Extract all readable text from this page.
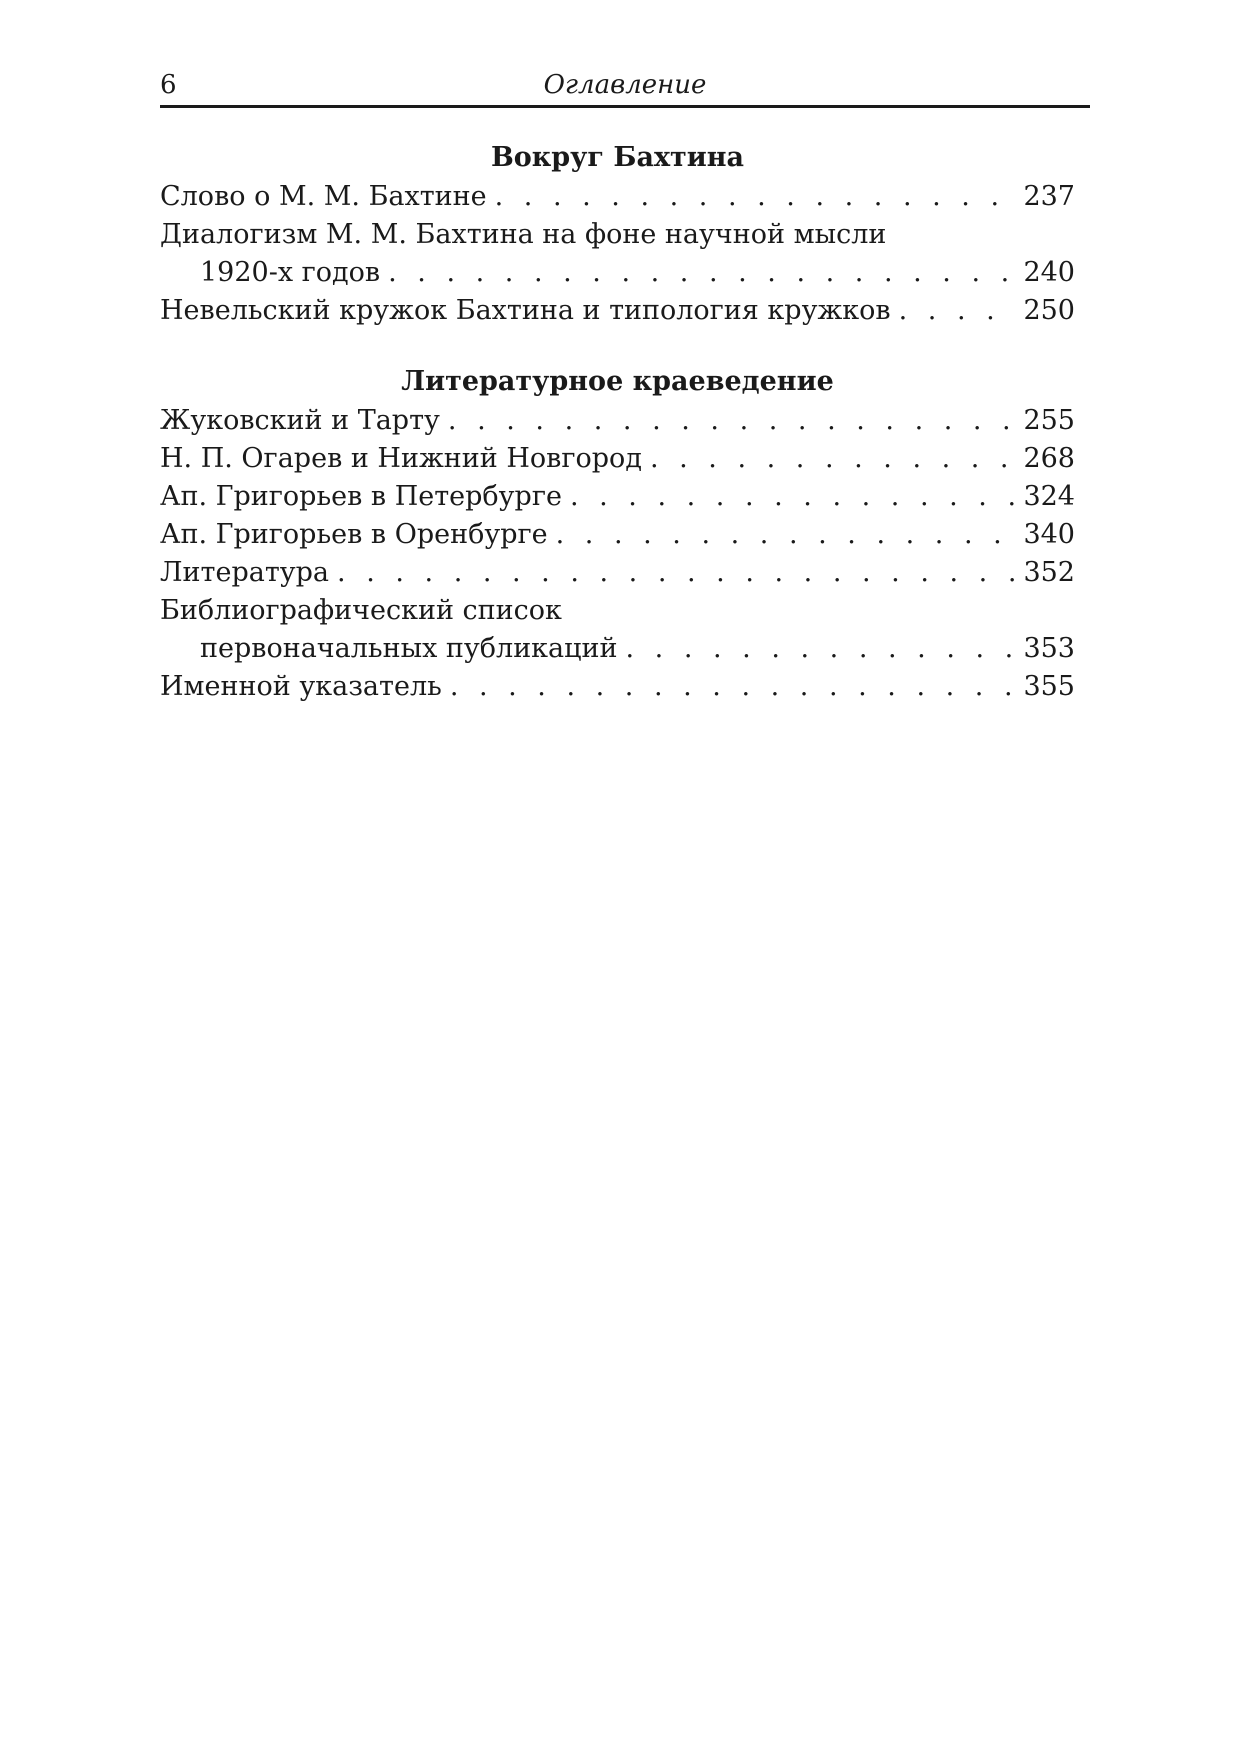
6	Оглавление
Вокруг Бахтина
Слово о М. М. Бахтине . . .	237
Диалогизм М. М. Бахтина на фоне научной мысли
1920-х годов . . .	240
Невельский кружок Бахтина и типология кружков . . .	250
Литературное краеведение
Жуковский и Тарту . . .	255
Н. П. Огарев и Нижний Новгород . . .	268
Ап. Григорьев в Петербурге . . .	324
Ап. Григорьев в Оренбурге . . .	340
Литература . . .	352
Библиографический список
первоначальных публикаций . . .	353
Именной указатель . . .	355
